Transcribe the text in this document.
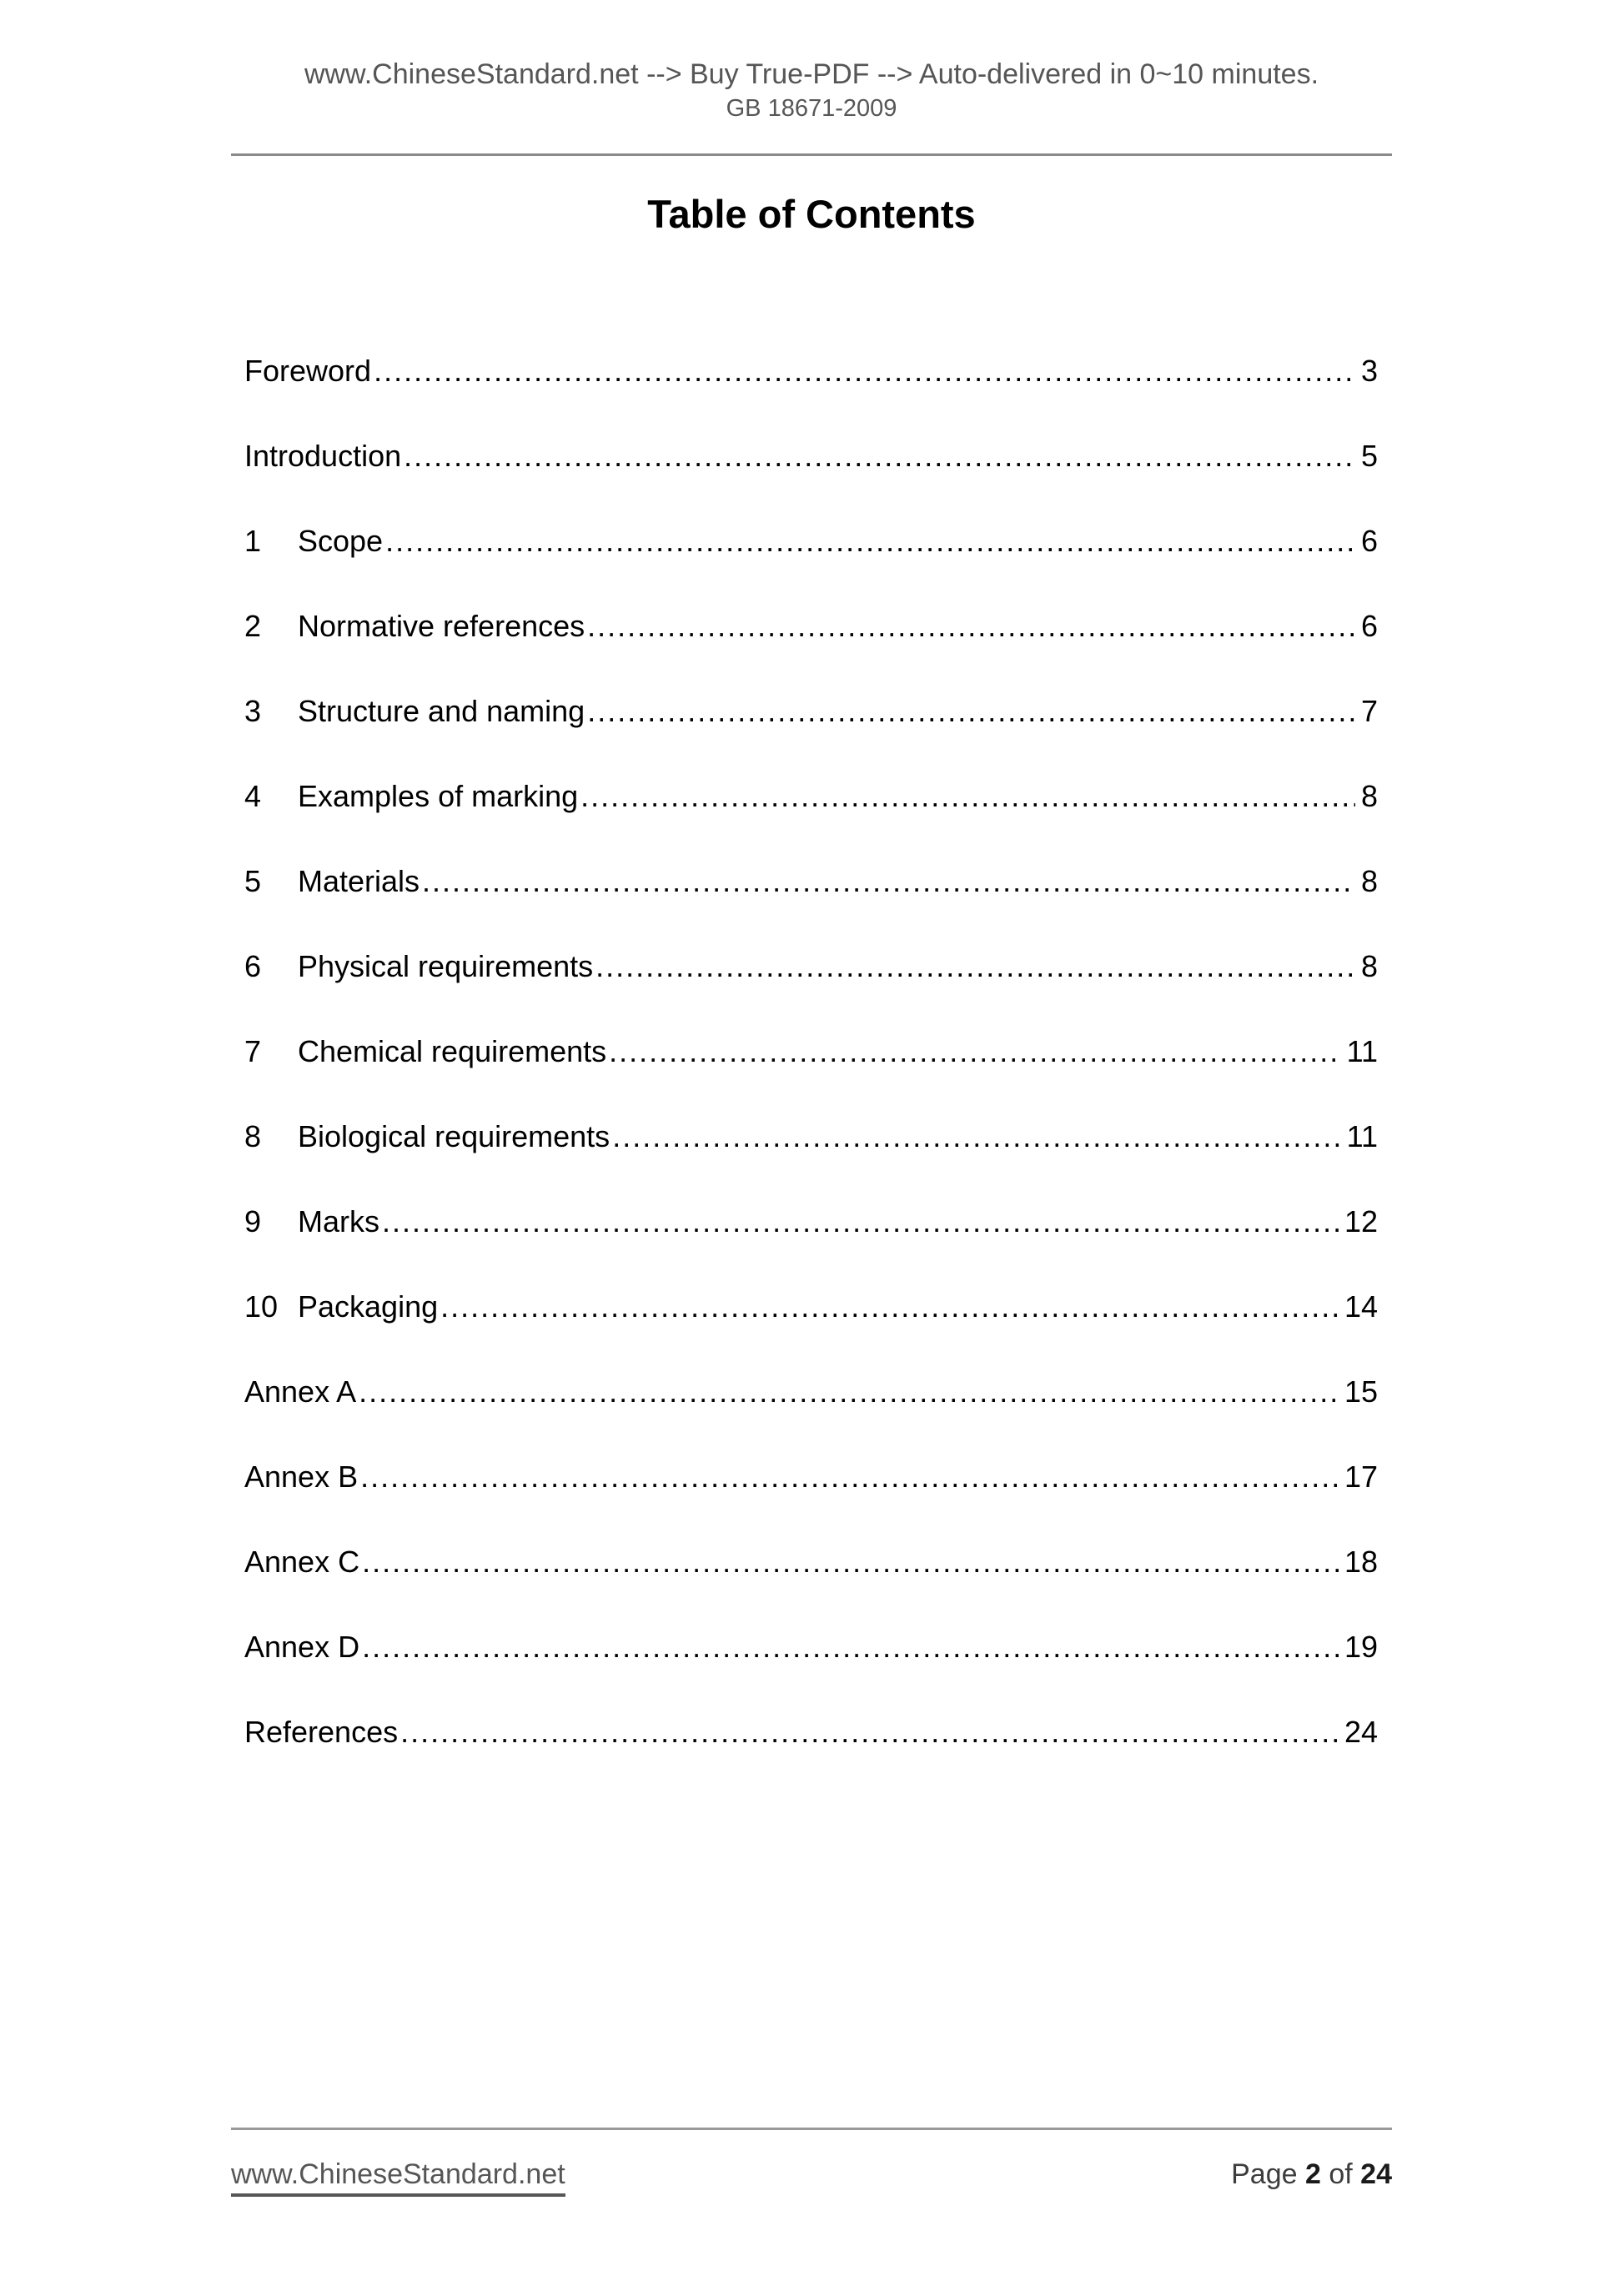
www.ChineseStandard.net --> Buy True-PDF --> Auto-delivered in 0~10 minutes.
GB 18671-2009
Table of Contents
Foreword .....	3
Introduction .....	5
1	Scope .....	6
2	Normative references .....	6
3	Structure and naming .....	7
4	Examples of marking .....	8
5	Materials .....	8
6	Physical requirements .....	8
7	Chemical requirements .....	11
8	Biological requirements .....	11
9	Marks .....	12
10 Packaging .....	14
Annex A .....	15
Annex B .....	17
Annex C .....	18
Annex D .....	19
References .....	24
www.ChineseStandard.net	Page 2 of 24
